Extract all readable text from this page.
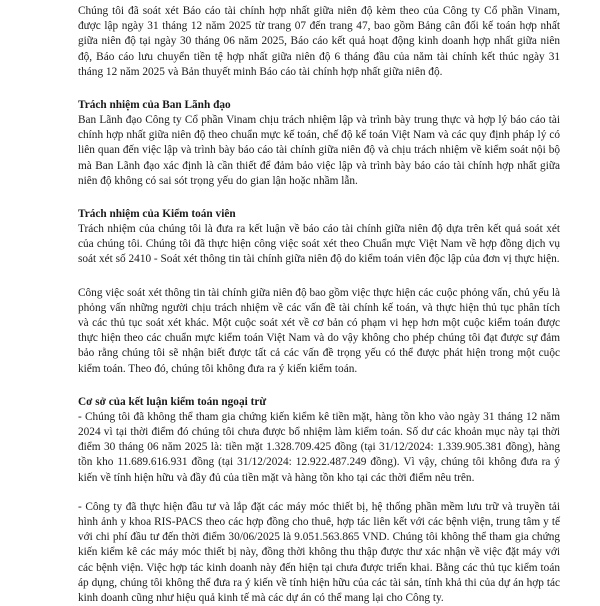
Chúng tôi đã soát xét Báo cáo tài chính hợp nhất giữa niên độ kèm theo của Công ty Cổ phần Vinam, được lập ngày 31 tháng 12 năm 2025 từ trang 07 đến trang 47, bao gồm Bảng cân đối kế toán hợp nhất giữa niên độ tại ngày 30 tháng 06 năm 2025, Báo cáo kết quả hoạt động kinh doanh hợp nhất giữa niên độ, Báo cáo lưu chuyển tiền tệ hợp nhất giữa niên độ 6 tháng đầu của năm tài chính kết thúc ngày 31 tháng 12 năm 2025 và Bản thuyết minh Báo cáo tài chính hợp nhất giữa niên độ.

Trách nhiệm của Ban Lãnh đạo

Ban Lãnh đạo Công ty Cổ phần Vinam chịu trách nhiệm lập và trình bày trung thực và hợp lý báo cáo tài chính hợp nhất giữa niên độ theo chuẩn mực kế toán, chế độ kế toán Việt Nam và các quy định pháp lý có liên quan đến việc lập và trình bày báo cáo tài chính giữa niên độ và chịu trách nhiệm về kiểm soát nội bộ mà Ban Lãnh đạo xác định là cần thiết để đảm bảo việc lập và trình bày báo cáo tài chính hợp nhất giữa niên độ không có sai sót trọng yếu do gian lận hoặc nhầm lẫn.

Trách nhiệm của Kiểm toán viên

Trách nhiệm của chúng tôi là đưa ra kết luận về báo cáo tài chính giữa niên độ dựa trên kết quả soát xét của chúng tôi. Chúng tôi đã thực hiện công việc soát xét theo Chuẩn mực Việt Nam về hợp đồng dịch vụ soát xét số 2410 - Soát xét thông tin tài chính giữa niên độ do kiểm toán viên độc lập của đơn vị thực hiện.

Công việc soát xét thông tin tài chính giữa niên độ bao gồm việc thực hiện các cuộc phỏng vấn, chủ yếu là phỏng vấn những người chịu trách nhiệm về các vấn đề tài chính kế toán, và thực hiện thủ tục phân tích và các thủ tục soát xét khác. Một cuộc soát xét về cơ bản có phạm vi hẹp hơn một cuộc kiểm toán được thực hiện theo các chuẩn mực kiểm toán Việt Nam và do vậy không cho phép chúng tôi đạt được sự đảm bảo rằng chúng tôi sẽ nhận biết được tất cả các vấn đề trọng yếu có thể được phát hiện trong một cuộc kiểm toán. Theo đó, chúng tôi không đưa ra ý kiến kiểm toán.

Cơ sở của kết luận kiểm toán ngoại trừ

- Chúng tôi đã không thể tham gia chứng kiến kiểm kê tiền mặt, hàng tồn kho vào ngày 31 tháng 12 năm 2024 vì tại thời điểm đó chúng tôi chưa được bổ nhiệm làm kiểm toán. Số dư các khoản mục này tại thời điểm 30 tháng 06 năm 2025 là: tiền mặt 1.328.709.425 đồng (tại 31/12/2024: 1.339.905.381 đồng), hàng tồn kho 11.689.616.931 đồng (tại 31/12/2024: 12.922.487.249 đồng). Vì vậy, chúng tôi không đưa ra ý kiến về tính hiện hữu và đầy đủ của tiền mặt và hàng tồn kho tại các thời điểm nêu trên.

- Công ty đã thực hiện đầu tư và lắp đặt các máy móc thiết bị, hệ thống phần mềm lưu trữ và truyền tải hình ảnh y khoa RIS-PACS theo các hợp đồng cho thuê, hợp tác liên kết với các bệnh viện, trung tâm y tế với chi phí đầu tư đến thời điểm 30/06/2025 là 9.051.563.865 VND. Chúng tôi không thể tham gia chứng kiến kiểm kê các máy móc thiết bị này, đồng thời không thu thập được thư xác nhận về việc đặt máy với các bệnh viện. Việc hợp tác kinh doanh này đến hiện tại chưa được triển khai. Bằng các thủ tục kiểm toán áp dụng, chúng tôi không thể đưa ra ý kiến về tính hiện hữu của các tài sản, tính khả thi của dự án hợp tác kinh doanh cũng như hiệu quả kinh tế mà các dự án có thể mang lại cho Công ty.
